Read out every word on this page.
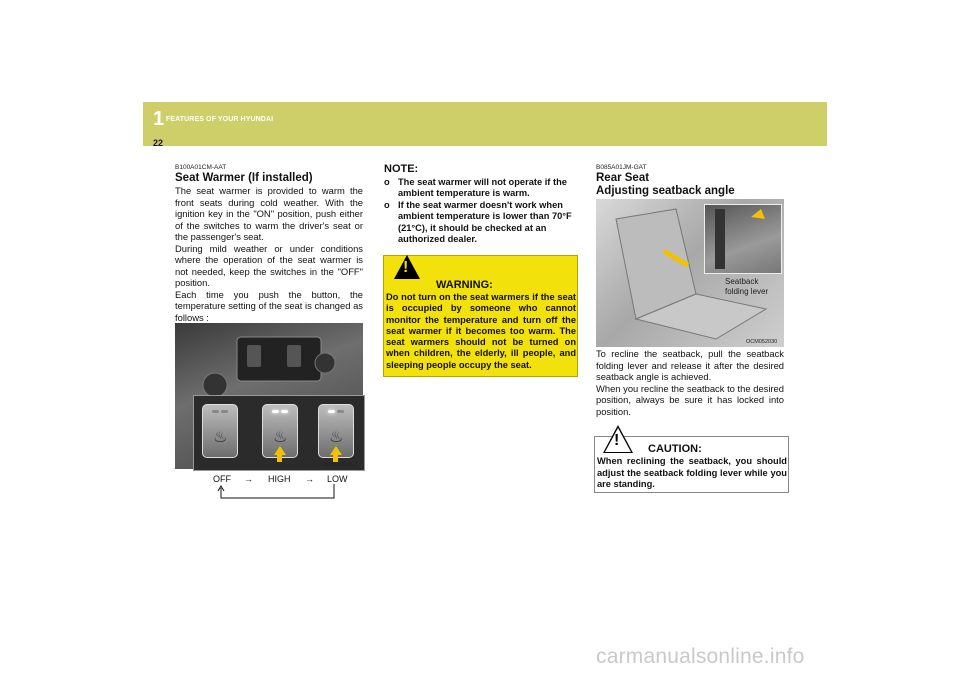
1 FEATURES OF YOUR HYUNDAI
22
B100A01CM-AAT
Seat Warmer (If installed)

The seat warmer is provided to warm the front seats during cold weather. With the ignition key in the "ON" position, push either of the switches to warm the driver's seat or the passenger's seat.

During mild weather or under conditions where the operation of the seat warmer is not needed, keep the switches in the "OFF" position.

Each time you push the button, the temperature setting of the seat is changed as follows :

♨	♨	♨
OCM052145-1
OFF → HIGH → LOW
NOTE:
o The seat warmer will not operate if the ambient temperature is warm.
o If the seat warmer doesn't work when ambient temperature is lower than 70°F (21°C), it should be checked at an authorized dealer.
!
WARNING:
Do not turn on the seat warmers if the seat is occupied by someone who cannot monitor the temperature and turn off the seat warmer if it becomes too warm. The seat warmers should not be turned on when children, the elderly, ill people, and sleeping people occupy the seat.
B085A01JM-GAT
Rear Seat
Adjusting seatback angle
Seatback
folding lever
OCM052030

To recline the seatback, pull the seatback folding lever and release it after the desired seatback angle is achieved.

When you recline the seatback to the desired position, always be sure it has locked into position.

!	CAUTION:
When reclining the seatback, you should adjust the seatback folding lever while you are standing.
carmanualsonline.info
